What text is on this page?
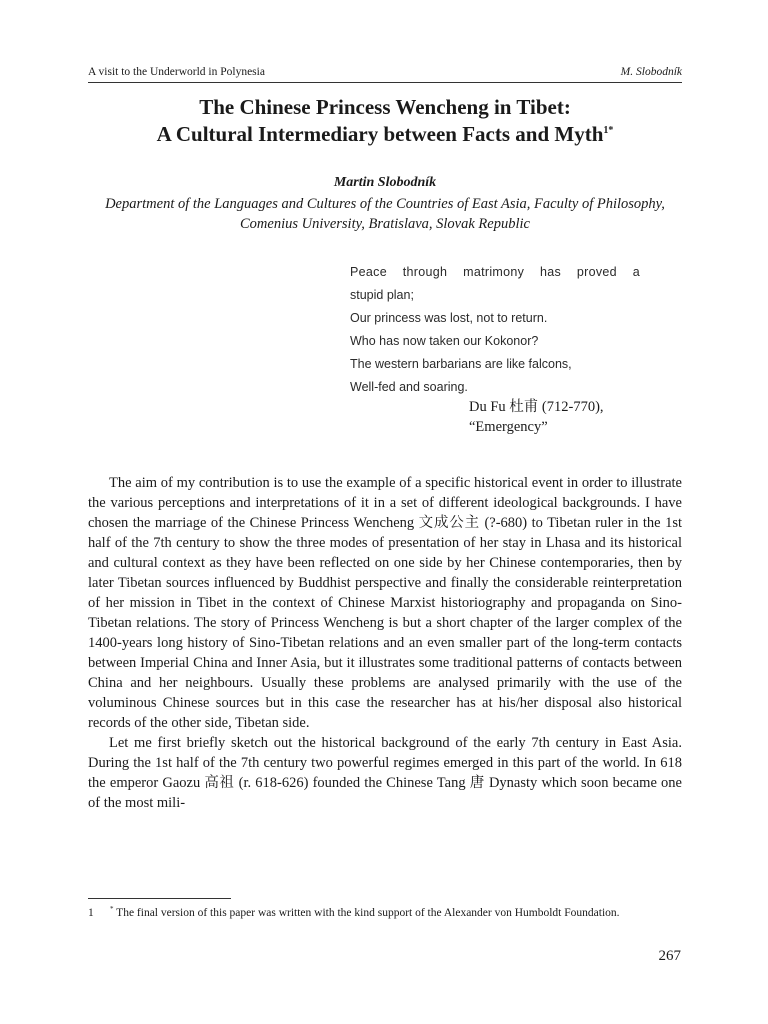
A visit to the Underworld in Polynesia	M. Slobodník
The Chinese Princess Wencheng in Tibet:
A Cultural Intermediary between Facts and Myth$^{1*}$
Martin Slobodník
Department of the Languages and Cultures of the Countries of East Asia, Faculty of Philosophy, Comenius University, Bratislava, Slovak Republic
Peace through matrimony has proved a
stupid plan;
Our princess was lost, not to return.
Who has now taken our Kokonor?
The western barbarians are like falcons,
Well-fed and soaring.
Du Fu 杜甫 (712-770),
“Emergency”

The aim of my contribution is to use the example of a specific historical event in order to illustrate the various perceptions and interpretations of it in a set of different ideological backgrounds. I have chosen the marriage of the Chinese Princess Wencheng 文成公主 (?-680) to Tibetan ruler in the 1st half of the 7th century to show the three modes of presentation of her stay in Lhasa and its historical and cultural context as they have been reflected on one side by her Chinese contemporaries, then by later Tibetan sources influenced by Buddhist perspective and finally the considerable reinterpretation of her mission in Tibet in the context of Chinese Marxist historiography and propaganda on Sino-Tibetan relations. The story of Princess Wencheng is but a short chapter of the larger complex of the 1400-years long history of Sino-Tibetan relations and an even smaller part of the long-term contacts between Imperial China and Inner Asia, but it illustrates some traditional patterns of contacts between China and her neighbours. Usually these problems are analysed primarily with the use of the voluminous Chinese sources but in this case the researcher has at his/her disposal also historical records of the other side, Tibetan side.

Let me first briefly sketch out the historical background of the early 7th century in East Asia. During the 1st half of the 7th century two powerful regimes emerged in this part of the world. In 618 the emperor Gaozu 高祖 (r. 618-626) founded the Chinese Tang 唐 Dynasty which soon became one of the most mili-

1	* The final version of this paper was written with the kind support of the Alexander von Humboldt Foundation.
267
